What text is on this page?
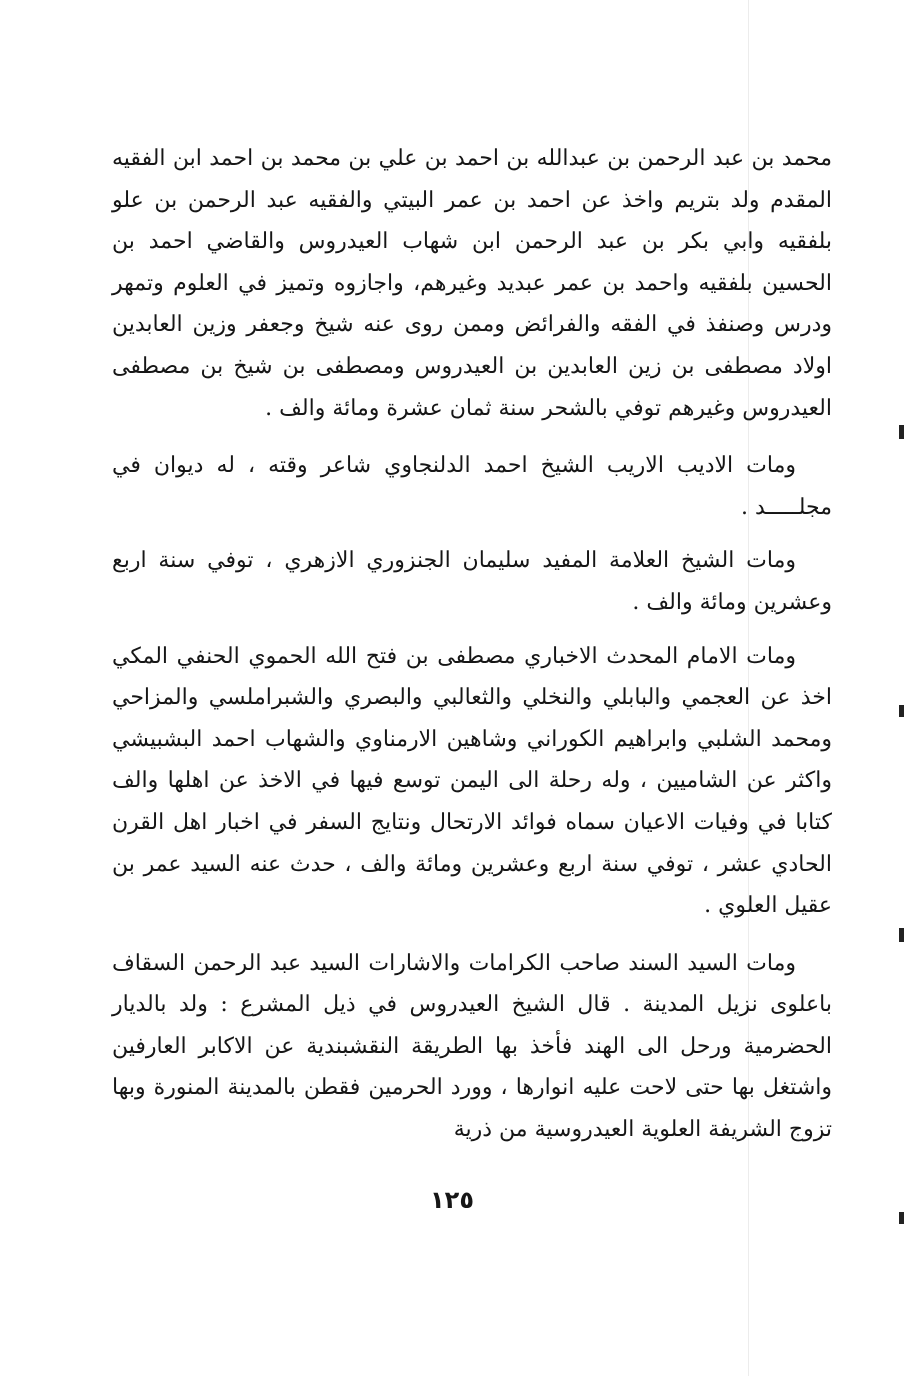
محمد بن عبد الرحمن بن عبدالله بن احمد بن علي بن محمد بن احمد ابن الفقيه المقدم ولد بتريم واخذ عن احمد بن عمر البيتي والفقيه عبد الرحمن بن علو بلفقيه وابي بكر بن عبد الرحمن ابن شهاب العيدروس والقاضي احمد بن الحسين بلفقيه واحمد بن عمر عبديد وغيرهم، واجازوه وتميز في العلوم وتمهر ودرس وصنفذ في الفقه والفرائض وممن روى عنه شيخ وجعفر وزين العابدين اولاد مصطفى بن زين العابدين بن العيدروس ومصطفى بن شيخ بن مصطفى العيدروس وغيرهم توفي بالشحر سنة ثمان عشرة ومائة والف .

ومات الاديب الاريب الشيخ احمد الدلنجاوي شاعر وقته ، له ديوان في مجلـــــد .

ومات الشيخ العلامة المفيد سليمان الجنزوري الازهري ، توفي سنة اربع وعشرين ومائة والف .

ومات الامام المحدث الاخباري مصطفى بن فتح الله الحموي الحنفي المكي اخذ عن العجمي والبابلي والنخلي والثعالبي والبصري والشبراملسي والمزاحي ومحمد الشلبي وابراهيم الكوراني وشاهين الارمناوي والشهاب احمد البشبيشي واكثر عن الشاميين ، وله رحلة الى اليمن توسع فيها في الاخذ عن اهلها والف كتابا في وفيات الاعيان سماه فوائد الارتحال ونتايج السفر في اخبار اهل القرن الحادي عشر ، توفي سنة اربع وعشرين ومائة والف ، حدث عنه السيد عمر بن عقيل العلوي .

ومات السيد السند صاحب الكرامات والاشارات السيد عبد الرحمن السقاف باعلوى نزيل المدينة . قال الشيخ العيدروس في ذيل المشرع : ولد بالديار الحضرمية ورحل الى الهند فأخذ بها الطريقة النقشبندية عن الاكابر العارفين واشتغل بها حتى لاحت عليه انوارها ، وورد الحرمين فقطن بالمدينة المنورة وبها تزوج الشريفة العلوية العيدروسية من ذرية

١٢٥
